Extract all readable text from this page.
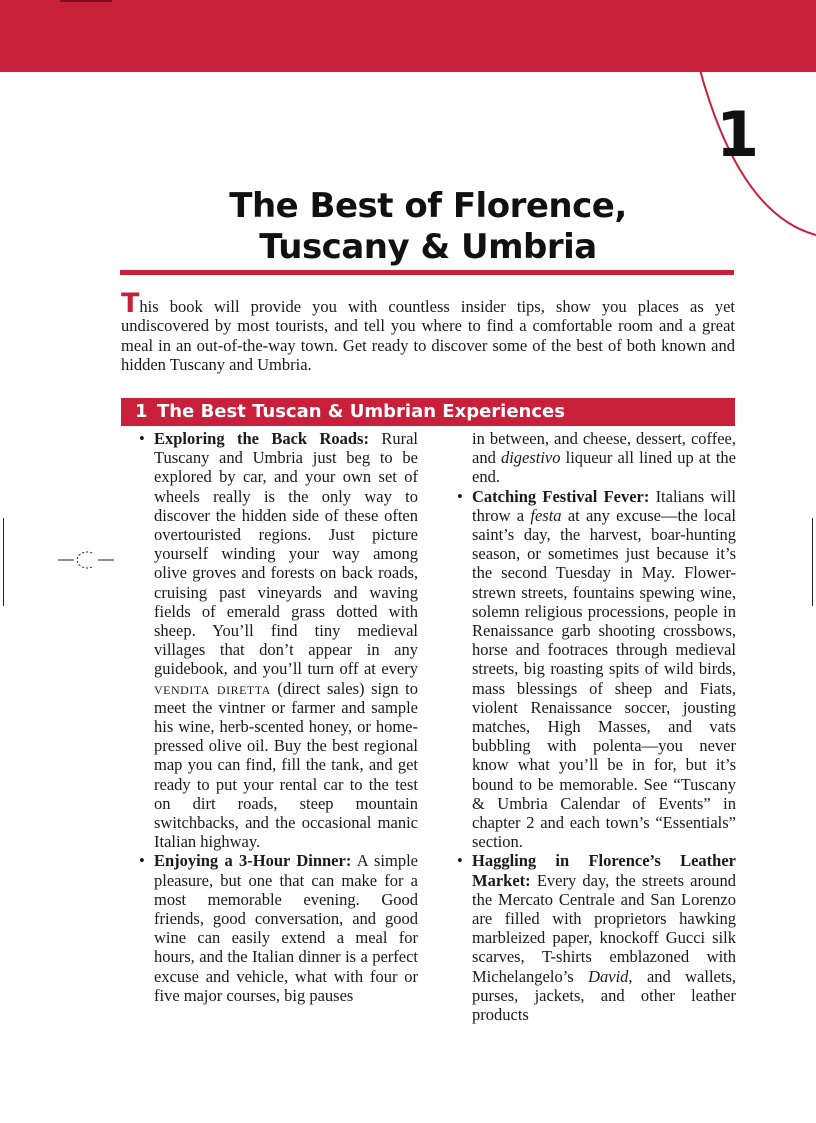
1
The Best of Florence,
Tuscany & Umbria

This book will provide you with countless insider tips, show you places as yet undiscovered by most tourists, and tell you where to find a comfortable room and a great meal in an out-of-the-way town. Get ready to discover some of the best of both known and hidden Tuscany and Umbria.

1 The Best Tuscan & Umbrian Experiences

• Exploring the Back Roads: Rural Tuscany and Umbria just beg to be explored by car, and your own set of wheels really is the only way to discover the hidden side of these often overtouristed regions. Just picture yourself winding your way among olive groves and forests on back roads, cruising past vineyards and waving fields of emerald grass dotted with sheep. You’ll find tiny medieval villages that don’t appear in any guidebook, and you’ll turn off at every vendita diretta (direct sales) sign to meet the vintner or farmer and sample his wine, herb-scented honey, or home-pressed olive oil. Buy the best regional map you can find, fill the tank, and get ready to put your rental car to the test on dirt roads, steep mountain switchbacks, and the occasional manic Italian highway.

• Enjoying a 3-Hour Dinner: A simple pleasure, but one that can make for a most memorable evening. Good friends, good conversation, and good wine can easily extend a meal for hours, and the Italian dinner is a perfect excuse and vehicle, what with four or five major courses, big pauses

in between, and cheese, dessert, coffee, and digestivo liqueur all lined up at the end.

• Catching Festival Fever: Italians will throw a festa at any excuse—the local saint’s day, the harvest, boar-hunting season, or sometimes just because it’s the second Tuesday in May. Flower-strewn streets, fountains spewing wine, solemn religious processions, people in Renaissance garb shooting crossbows, horse and footraces through medieval streets, big roasting spits of wild birds, mass blessings of sheep and Fiats, violent Renaissance soccer, jousting matches, High Masses, and vats bubbling with polenta—you never know what you’ll be in for, but it’s bound to be memorable. See “Tuscany & Umbria Calendar of Events” in chapter 2 and each town’s “Essentials” section.

• Haggling in Florence’s Leather Market: Every day, the streets around the Mercato Centrale and San Lorenzo are filled with proprietors hawking marbleized paper, knockoff Gucci silk scarves, T-shirts emblazoned with Michelangelo’s David, and wallets, purses, jackets, and other leather products
